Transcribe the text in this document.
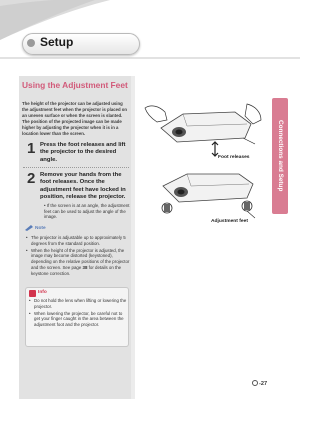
Setup
Connections and Setup
Using the Adjustment Feet
The height of the projector can be adjusted using the adjustment feet when the projector is placed on an uneven surface or when the screen is slanted. The position of the projected image can be made higher by adjusting the projector when it is in a location lower than the screen.
1 Press the foot releases and lift the projector to the desired angle.
2 Remove your hands from the foot releases. Once the adjustment feet have locked in position, release the projector.
• If the screen is at an angle, the adjustment feet can be used to adjust the angle of the image.
Note
• The projector is adjustable up to approximately 5 degrees from the standard position.
• When the height of the projector is adjusted, the image may become distorted (keystoned), depending on the relative positions of the projector and the screen. See page 38 for details on the keystone correction.
Info
• Do not hold the lens when lifting or lowering the projector.
• When lowering the projector, be careful not to get your finger caught in the area between the adjustment foot and the projector.
Foot releases
Adjustment feet
-27
